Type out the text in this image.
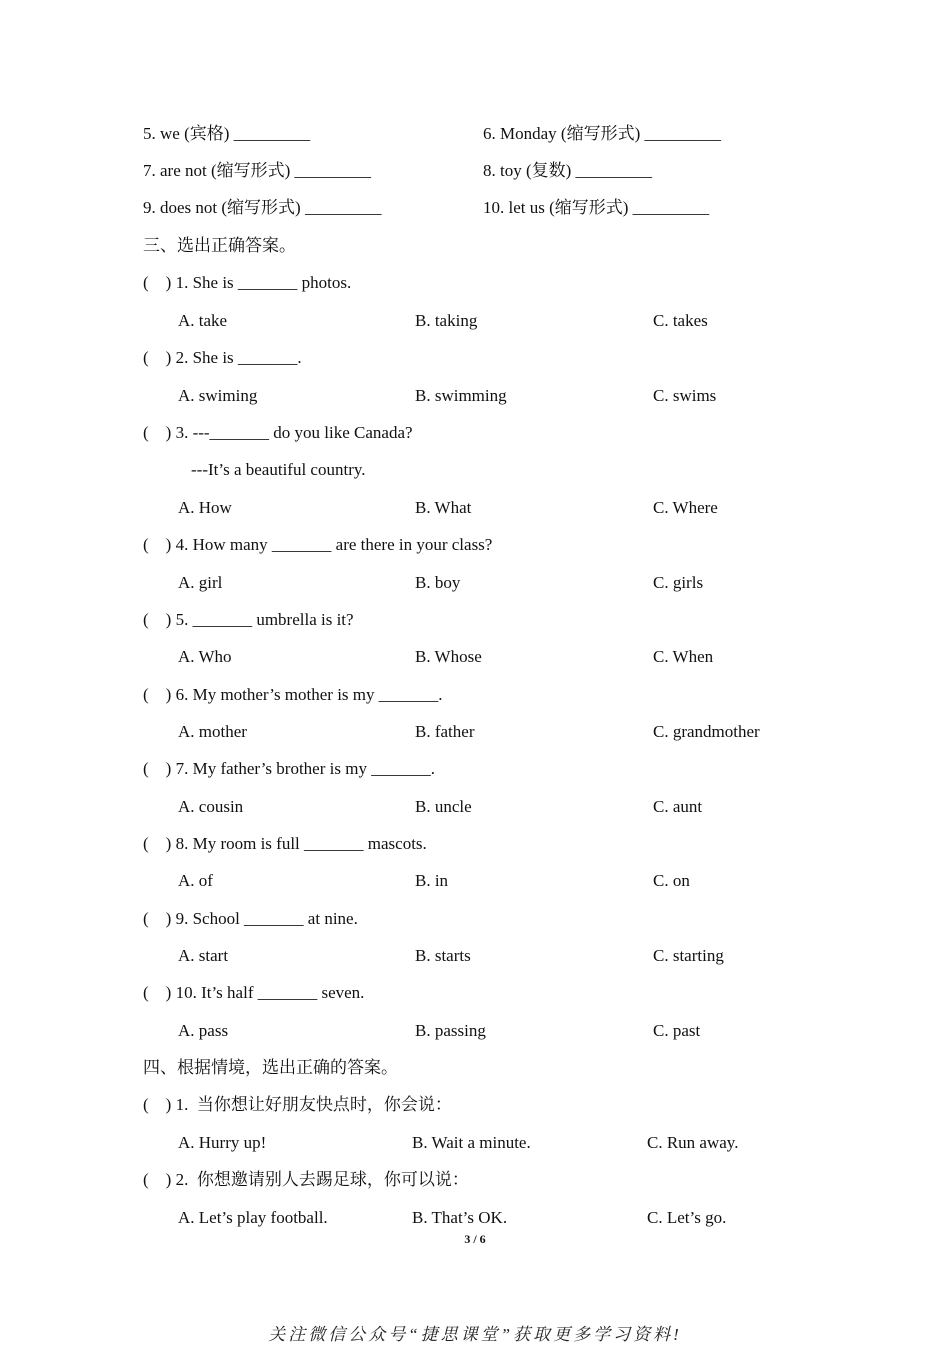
5. we (宾格) _________	6. Monday (缩写形式) _________
7. are not (缩写形式) _________	8. toy (复数) _________
9. does not (缩写形式) _________	10. let us (缩写形式) _________
三、选出正确答案。
(    ) 1. She is _______ photos.
A. take	B. taking	C. takes
(    ) 2. She is _______.
A. swiming	B. swimming	C. swims
(    ) 3. ---_______ do you like Canada?
---It’s a beautiful country.
A. How	B. What	C. Where
(    ) 4. How many _______ are there in your class?
A. girl	B. boy	C. girls
(    ) 5. _______ umbrella is it?
A. Who	B. Whose	C. When
(    ) 6. My mother’s mother is my _______.
A. mother	B. father	C. grandmother
(    ) 7. My father’s brother is my _______.
A. cousin	B. uncle	C. aunt
(    ) 8. My room is full _______ mascots.
A. of	B. in	C. on
(    ) 9. School _______ at nine.
A. start	B. starts	C. starting
(    ) 10. It’s half _______ seven.
A. pass	B. passing	C. past
四、根据情境，选出正确的答案。
(    ) 1.  当你想让好朋友快点时，你会说：
A. Hurry up!	B. Wait a minute.	C. Run away.
(    ) 2.  你想邀请别人去踢足球，你可以说：
A. Let’s play football.	B. That’s OK.	C. Let’s go.
3 / 6
关注微信公众号“捷思课堂”获取更多学习资料!
